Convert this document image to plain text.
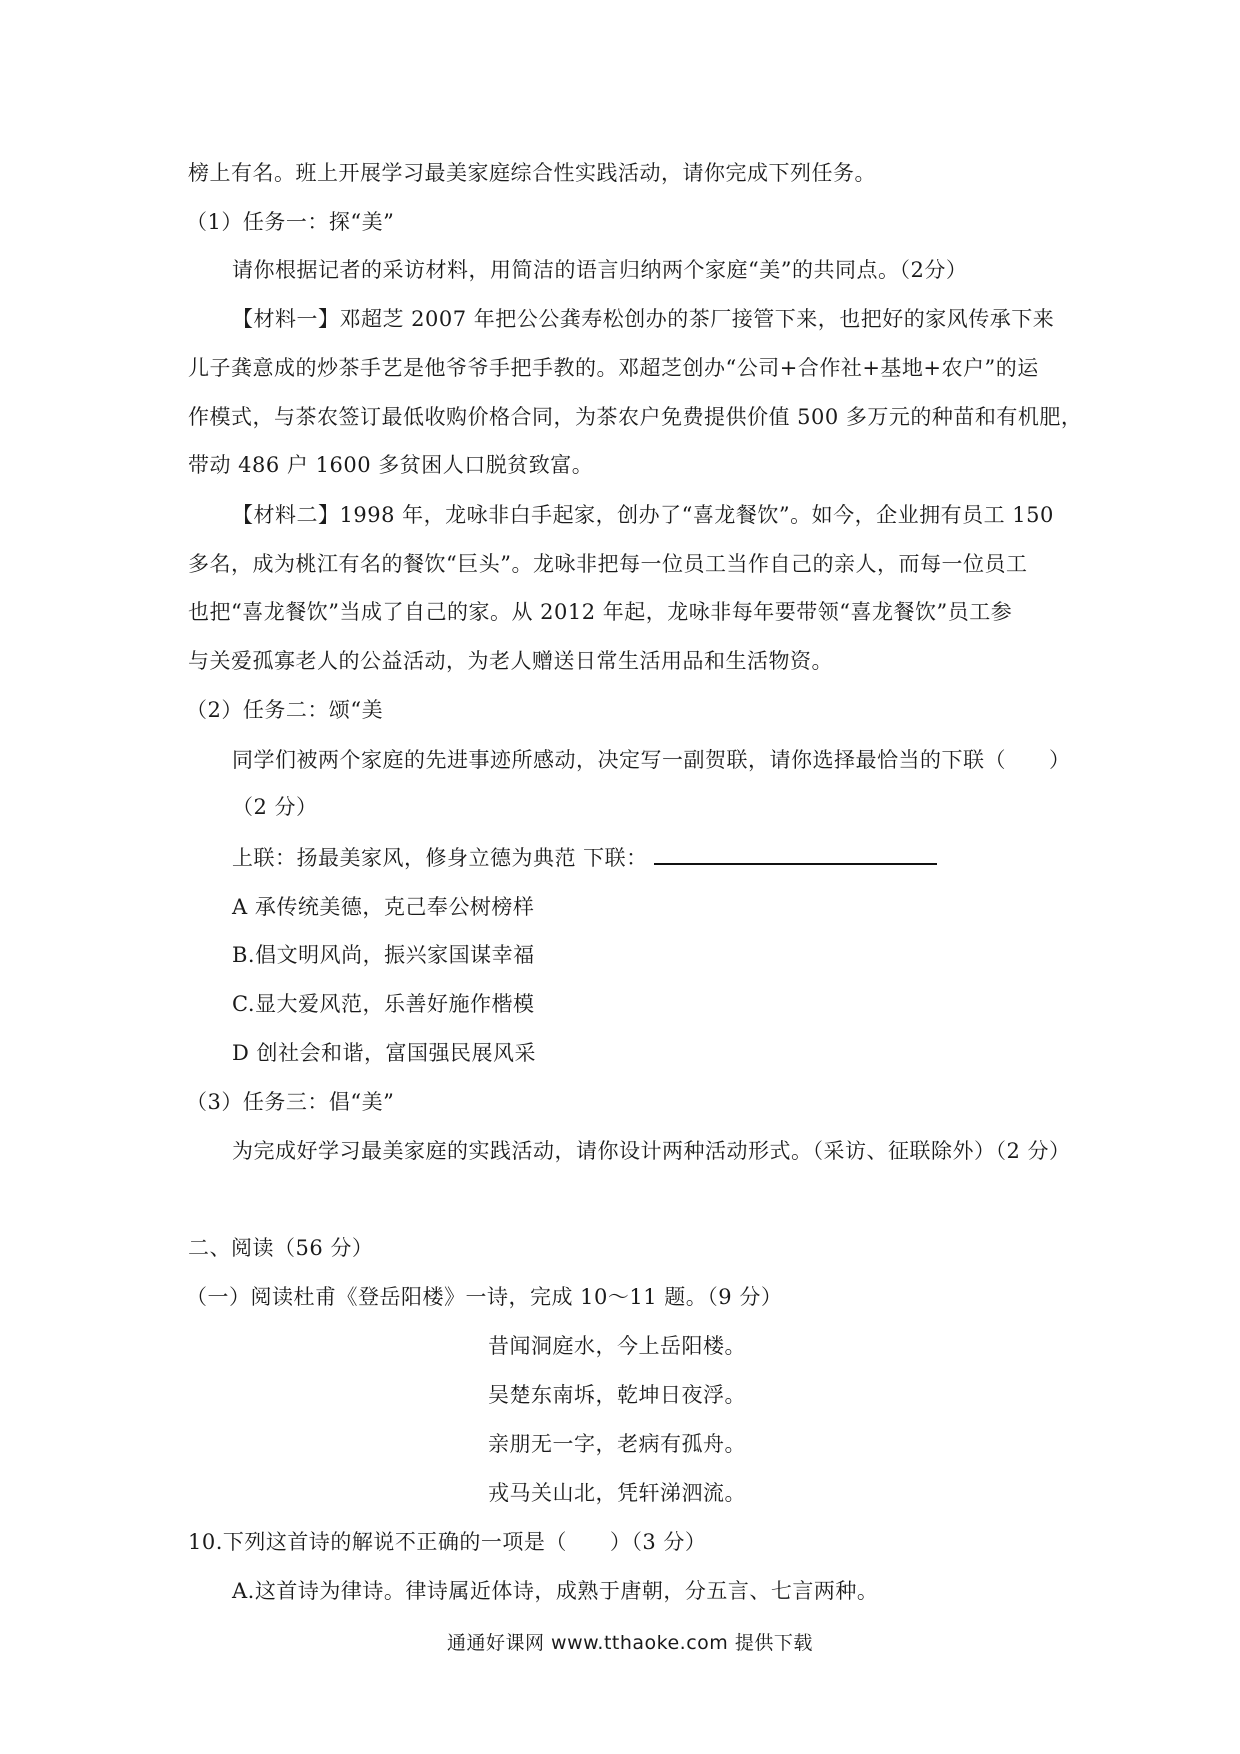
榜上有名。班上开展学习最美家庭综合性实践活动，请你完成下列任务。
（1）任务一：探“美”
请你根据记者的采访材料，用简洁的语言归纳两个家庭“美”的共同点。（2分）
【材料一】邓超芝 2007 年把公公龚寿松创办的茶厂接管下来，也把好的家风传承下来
儿子龚意成的炒茶手艺是他爷爷手把手教的。邓超芝创办“公司+合作社+基地+农户”的运
作模式，与茶农签订最低收购价格合同，为茶农户免费提供价值 500 多万元的种苗和有机肥，
带动 486 户 1600 多贫困人口脱贫致富。
【材料二】1998 年，龙咏非白手起家，创办了“喜龙餐饮”。如今，企业拥有员工 150
多名，成为桃江有名的餐饮“巨头”。龙咏非把每一位员工当作自己的亲人，而每一位员工
也把“喜龙餐饮”当成了自己的家。从 2012 年起，龙咏非每年要带领“喜龙餐饮”员工参
与关爱孤寡老人的公益活动，为老人赠送日常生活用品和生活物资。
（2）任务二：颂“美
同学们被两个家庭的先进事迹所感动，决定写一副贺联，请你选择最恰当的下联（　　）
（2 分）
上联：扬最美家风，修身立德为典范 下联：
A 承传统美德，克己奉公树榜样
B.倡文明风尚，振兴家国谋幸福
C.显大爱风范，乐善好施作楷模
D 创社会和谐，富国强民展风采
（3）任务三：倡“美”
为完成好学习最美家庭的实践活动，请你设计两种活动形式。（采访、征联除外）（2 分）
二、阅读（56 分）
（一）阅读杜甫《登岳阳楼》一诗，完成 10～11 题。（9 分）
昔闻洞庭水，今上岳阳楼。
吴楚东南坼，乾坤日夜浮。
亲朋无一字，老病有孤舟。
戎马关山北，凭轩涕泗流。
10.下列这首诗的解说不正确的一项是（　　）（3 分）
A.这首诗为律诗。律诗属近体诗，成熟于唐朝，分五言、七言两种。
通通好课网 www.tthaoke.com 提供下载
